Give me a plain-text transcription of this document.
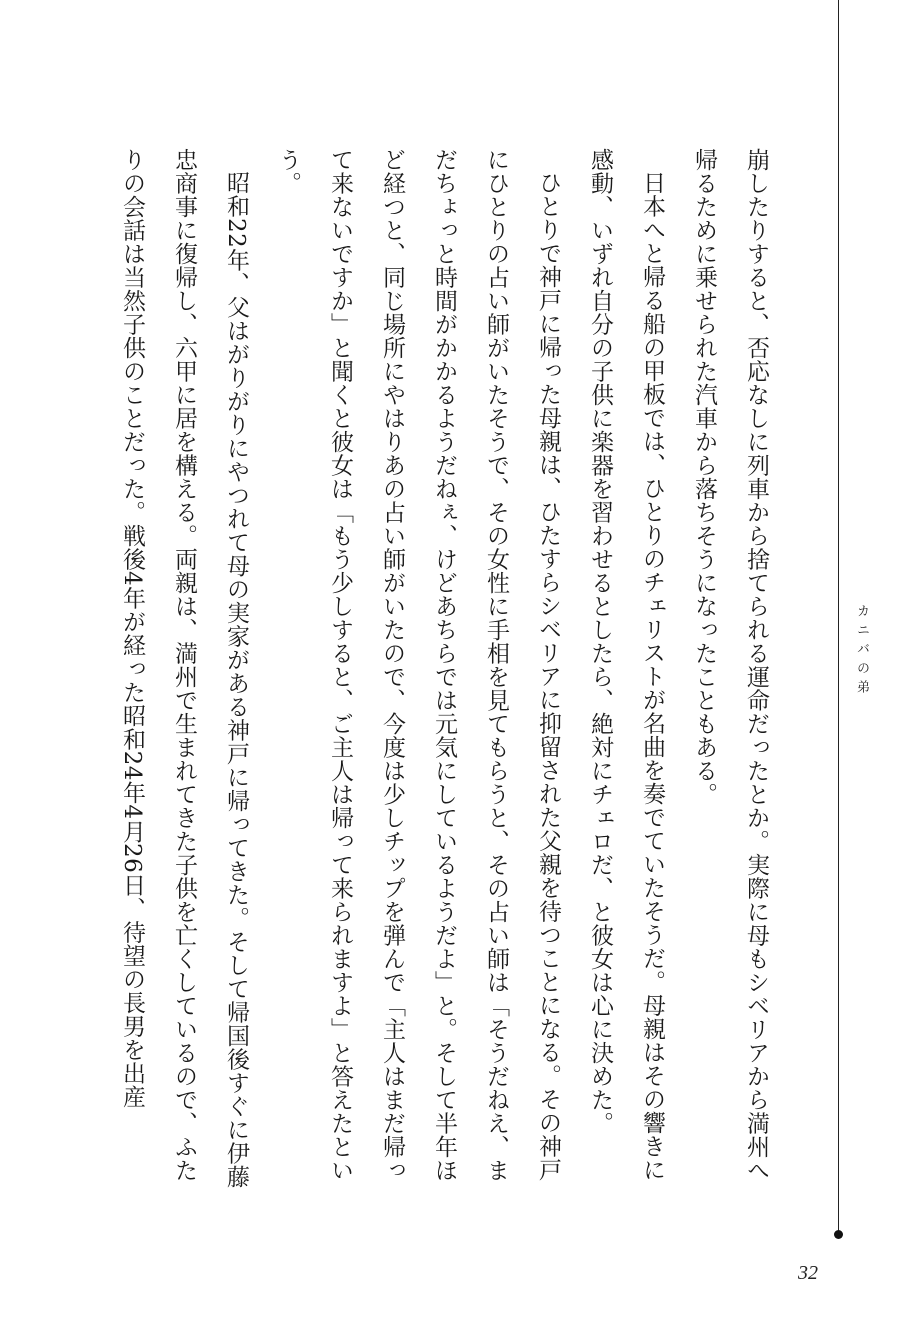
崩したりすると、否応なしに列車から捨てられる運命だったとか。実際に母もシベリアから満州へ帰るために乗せられた汽車から落ちそうになったこともある。

日本へと帰る船の甲板では、ひとりのチェリストが名曲を奏でていたそうだ。母親はその響きに感動、いずれ自分の子供に楽器を習わせるとしたら、絶対にチェロだ、と彼女は心に決めた。

ひとりで神戸に帰った母親は、ひたすらシベリアに抑留された父親を待つことになる。その神戸にひとりの占い師がいたそうで、その女性に手相を見てもらうと、その占い師は「そうだねえ、まだちょっと時間がかかるようだねぇ、けどあちらでは元気にしているようだよ」と。そして半年ほど経つと、同じ場所にやはりあの占い師がいたので、今度は少しチップを弾んで「主人はまだ帰って来ないですか」と聞くと彼女は「もう少しすると、ご主人は帰って来られますよ」と答えたという。

昭和22年、父はがりがりにやつれて母の実家がある神戸に帰ってきた。そして帰国後すぐに伊藤忠商事に復帰し、六甲に居を構える。両親は、満州で生まれてきた子供を亡くしているので、ふたりの会話は当然子供のことだった。戦後4年が経った昭和24年4月26日、待望の長男を出産	カニバの弟
32
